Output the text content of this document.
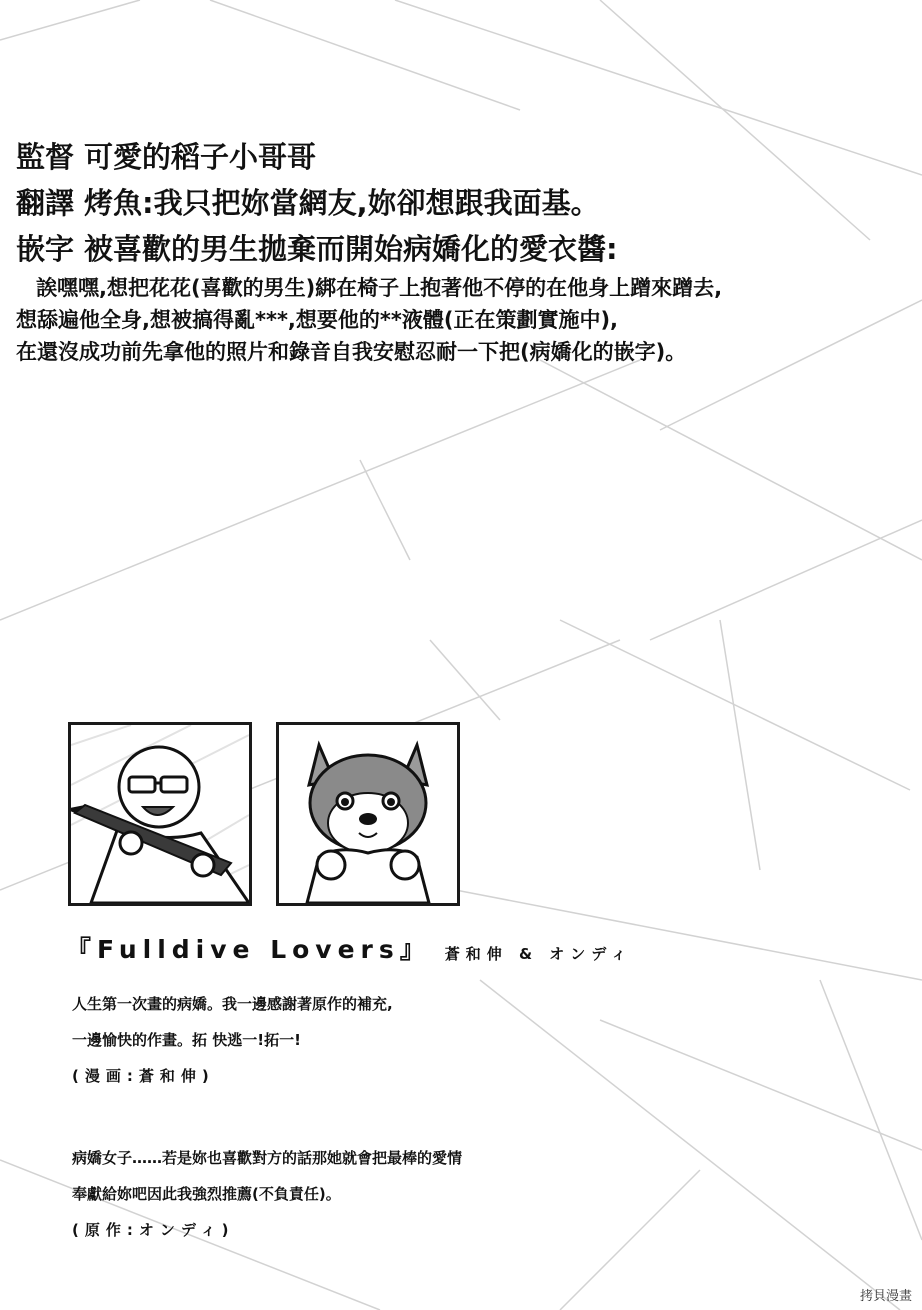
監督 可愛的稻子小哥哥
翻譯 烤魚:我只把妳當網友,妳卻想跟我面基。
嵌字 被喜歡的男生拋棄而開始病嬌化的愛衣醬:
誒嘿嘿,想把花花(喜歡的男生)綁在椅子上抱著他不停的在他身上蹭來蹭去,
想舔遍他全身,想被搞得亂***,想要他的**液體(正在策劃實施中),
在還沒成功前先拿他的照片和錄音自我安慰忍耐一下把(病嬌化的嵌字)。
『Fulldive Lovers』 蒼和伸 & オンディ
人生第一次畫的病嬌。我一邊感謝著原作的補充,
一邊愉快的作畫。拓 快逃一!拓一!
(漫画:蒼和伸)
病嬌女子……若是妳也喜歡對方的話那她就會把最棒的愛情
奉獻給妳吧因此我強烈推薦(不負責任)。
(原作:オンディ)
拷貝漫畫
